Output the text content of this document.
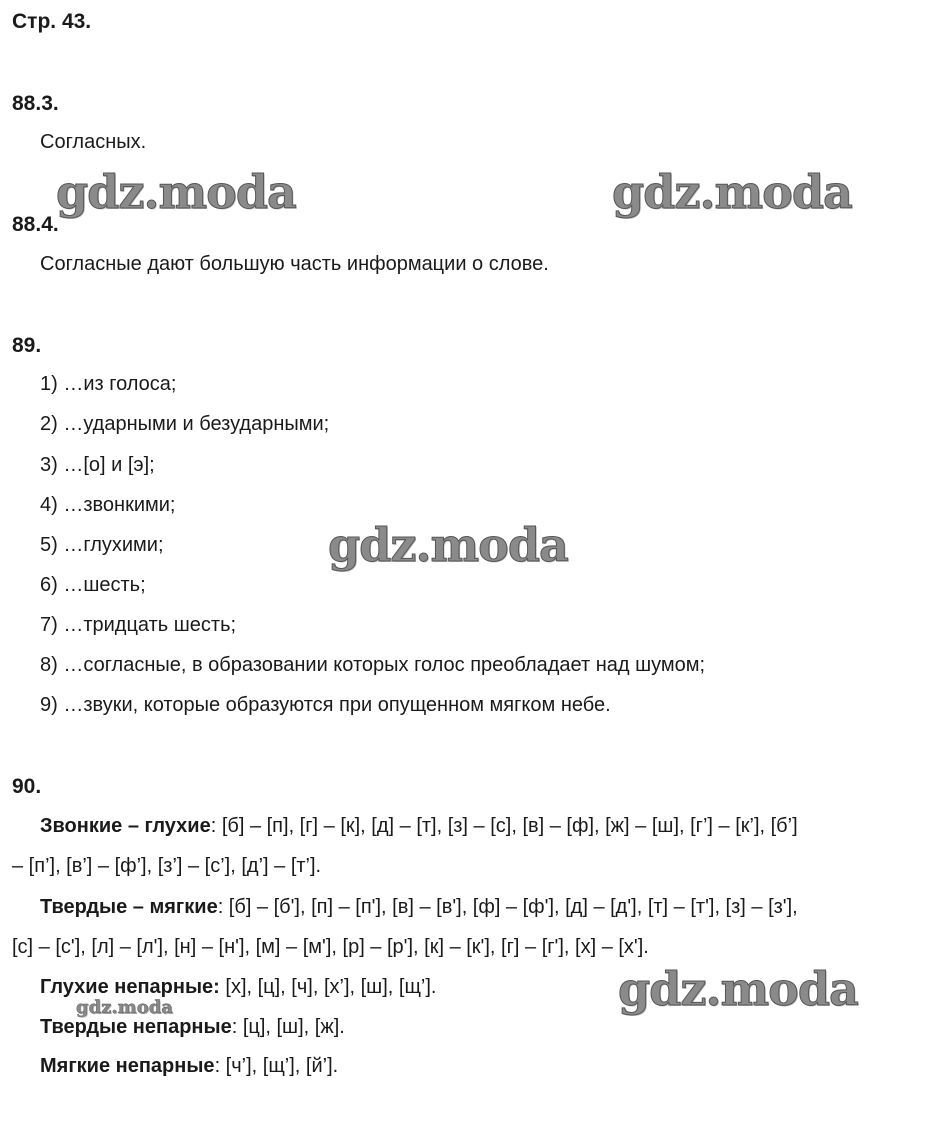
Стр. 43.
88.3.
Согласных.
88.4.
Согласные дают большую часть информации о слове.
89.
1) …из голоса;
2) …ударными и безударными;
3) …[о] и [э];
4) …звонкими;
5) …глухими;
6) …шесть;
7) …тридцать шесть;
8) …согласные, в образовании которых голос преобладает над шумом;
9) …звуки, которые образуются при опущенном мягком небе.
90.
Звонкие – глухие: [б] – [п], [г] – [к], [д] – [т], [з] – [с], [в] – [ф], [ж] – [ш], [г’] – [к’], [б’]
– [п’], [в’] – [ф’], [з’] – [с’], [д’] – [т’].
Твердые – мягкие: [б] – [б'], [п] – [п'], [в] – [в'], [ф] – [ф'], [д] – [д'], [т] – [т'], [з] – [з'],
[с] – [с'], [л] – [л'], [н] – [н'], [м] – [м'], [р] – [р'], [к] – [к'], [г] – [г'], [х] – [х'].
Глухие непарные: [х], [ц], [ч], [х’], [ш], [щ’].
Твердые непарные: [ц], [ш], [ж].
Мягкие непарные: [ч’], [щ’], [й’].
gdz.moda	gdz.moda
gdz.moda
gdz.moda
gdz.moda
